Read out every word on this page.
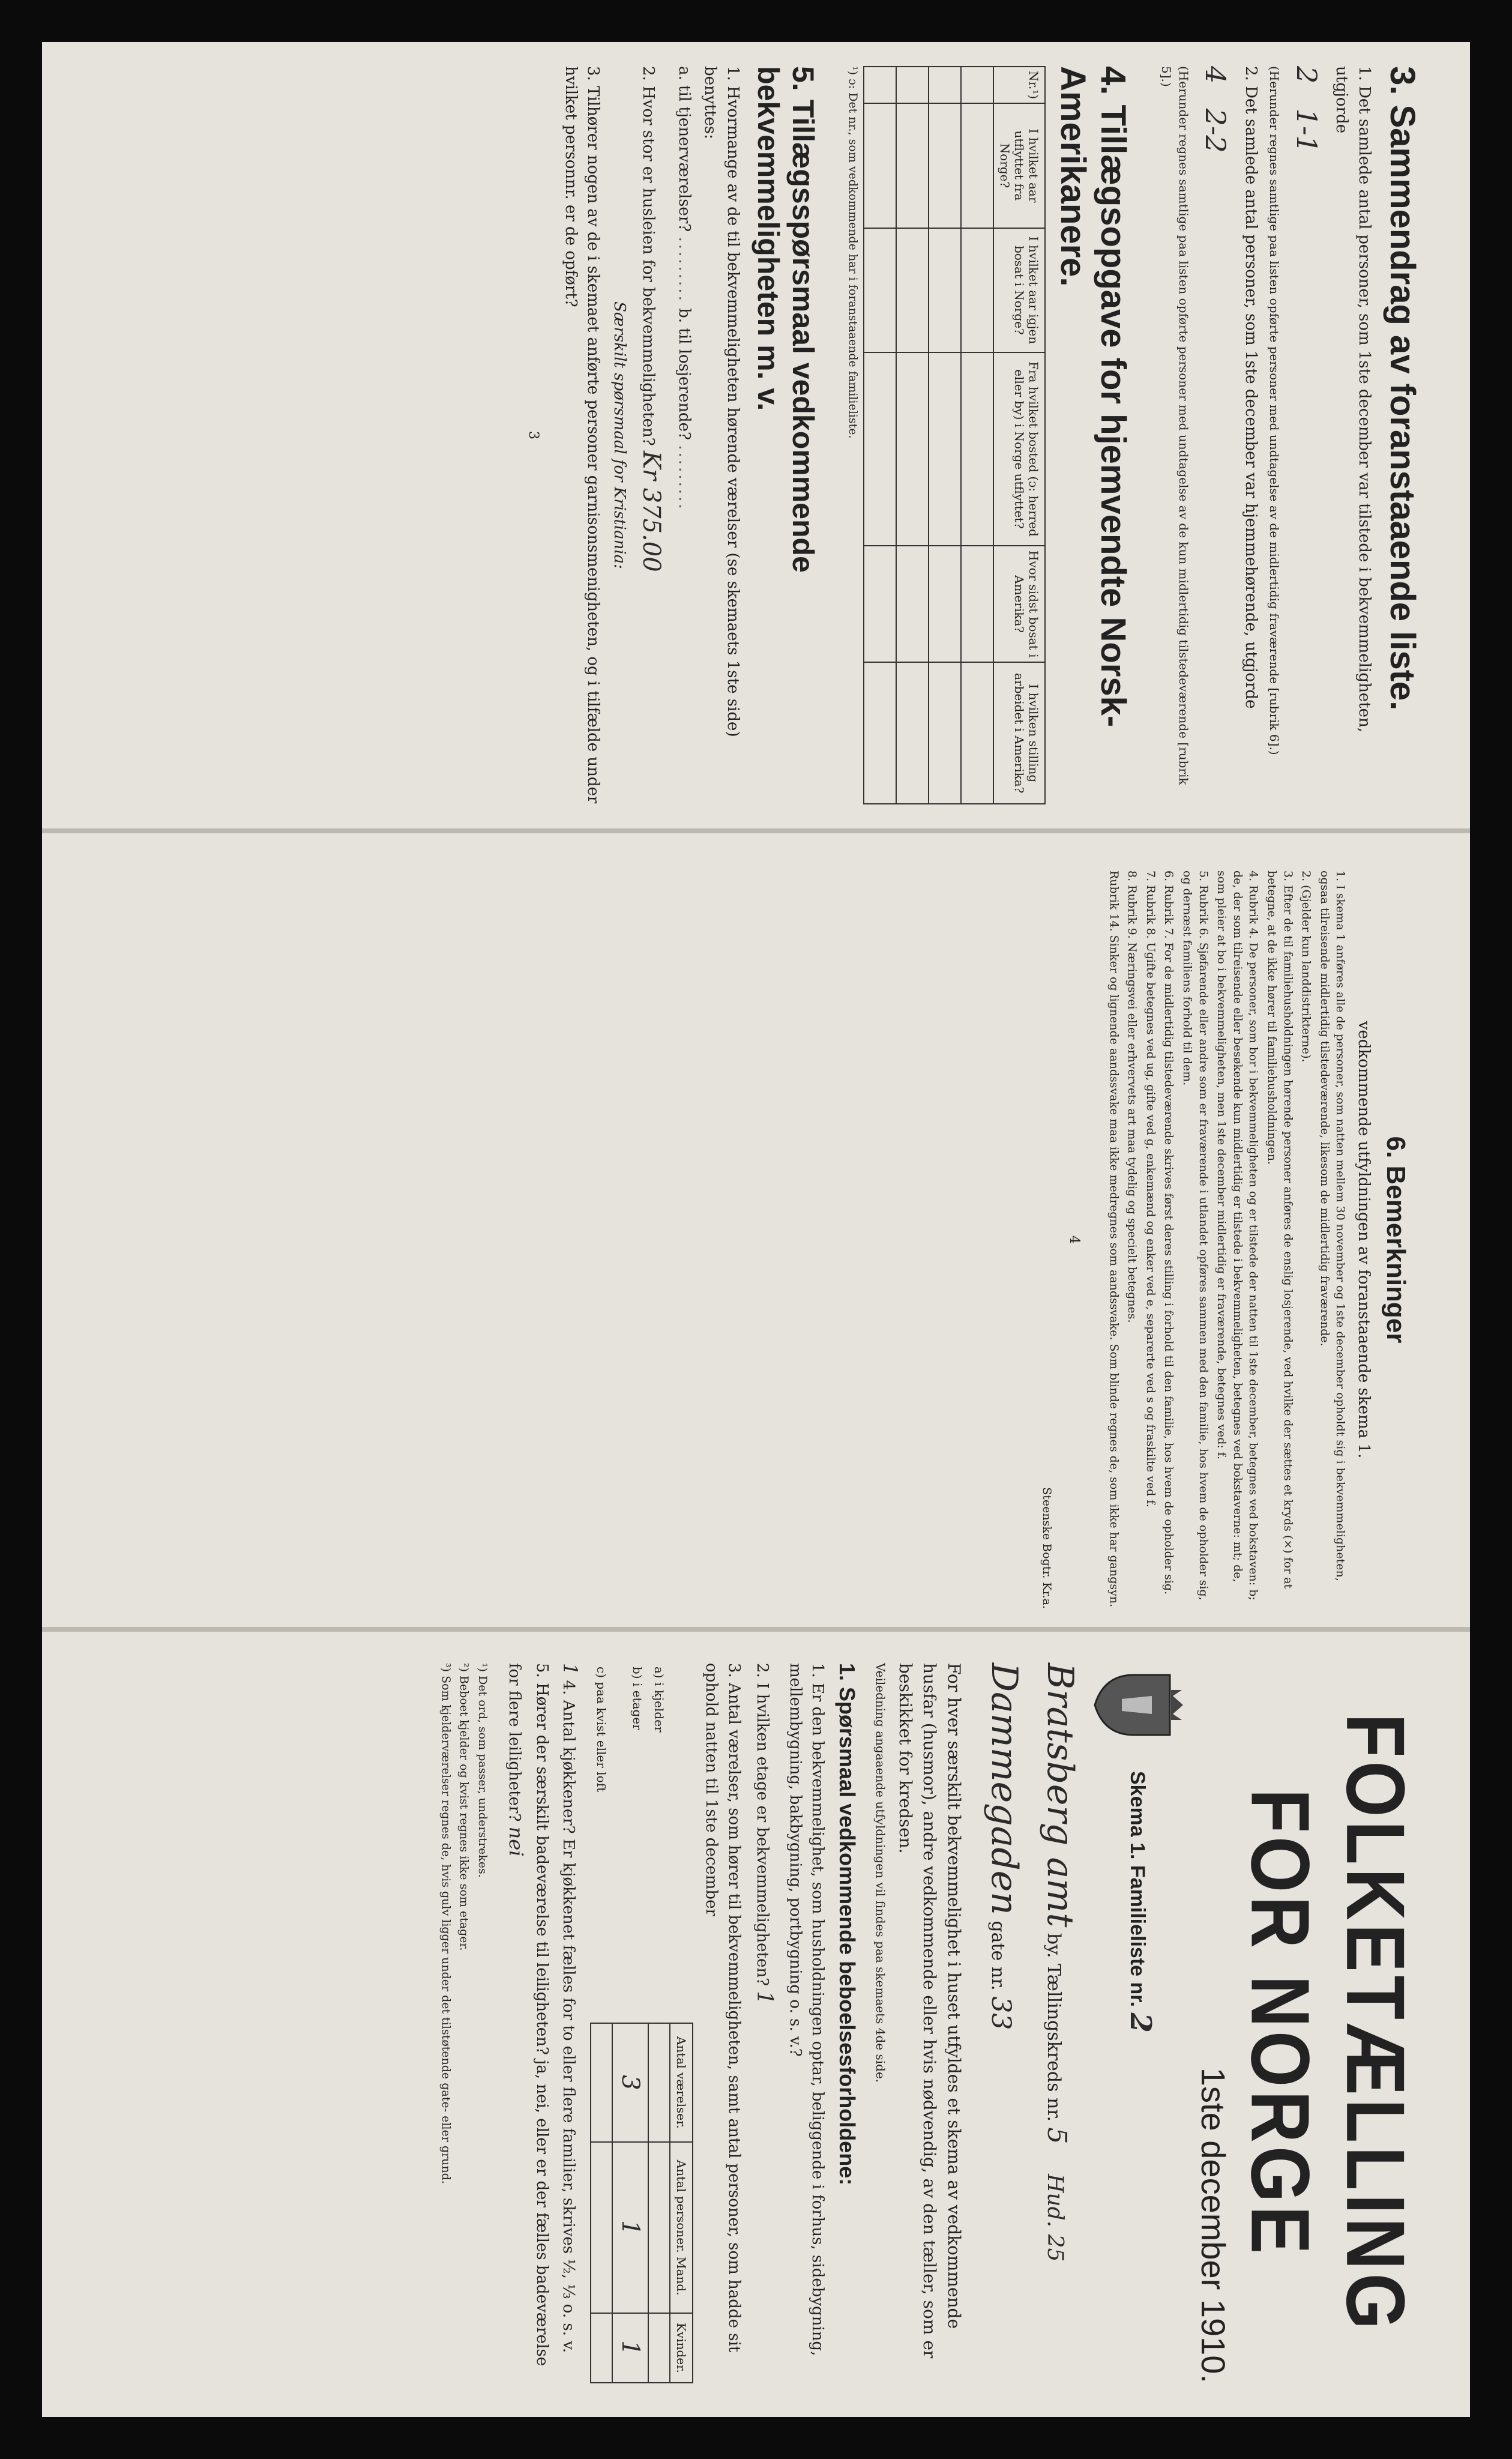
3. Sammendrag av foranstaaende liste.
1. Det samlede antal personer, som 1ste december var tilstede i bekvemmeligheten, utgjorde
2     1-1
(Herunder regnes samtlige paa listen opførte personer med undtagelse av de midlertidig fraværende [rubrik 6].)
2. Det samlede antal personer, som 1ste december var hjemmehørende, utgjorde
4     2-2
(Herunder regnes samtlige paa listen opførte personer med undtagelse av de kun midlertidig tilstedeværende [rubrik 5].)
4. Tillægsopgave for hjemvendte Norsk-Amerikanere.
Nr.¹)	I hvilket aar utflyttet fra Norge?	I hvilket aar igjen bosat i Norge?	Fra hvilket bosted (ɔ: herred eller by) i Norge utflyttet?	Hvor sidst bosat i Amerika?	I hvilken stilling arbeidet i Amerika?

¹) ɔ: Det nr., som vedkommende har i foranstaaende familieliste.
5. Tillægsspørsmaal vedkommende bekvemmeligheten m. v.
1. Hvormange av de til bekvemmeligheten hørende værelser (se skemaets 1ste side) benyttes:
a. til tjenerværelser? ......... b. til losjerende? .........
2. Hvor stor er husleien for bekvemmeligheten? Kr 375.00
Særskilt spørsmaal for Kristiania:
3. Tilhører nogen av de i skemaet anførte personer garnisonsmenigheten, og i tilfælde under hvilket personnr. er de opført?
3
6. Bemerkninger
vedkommende utfyldningen av foranstaaende skema 1.
1. I skema 1 anføres alle de personer, som natten mellem 30 november og 1ste december opholdt sig i bekvemmeligheten, ogsaa tilreisende midlertidig tilstedeværende, likesom de midlertidig fraværende.
2. (Gjelder kun landdistrikterne).
3. Efter de til familiehusholdningen hørende personer anføres de enslig losjerende, ved hvilke der sættes et kryds (×) for at betegne, at de ikke hører til familiehusholdningen.
4. Rubrik 4. De personer, som bor i bekvemmeligheten og er tilstede der natten til 1ste december, betegnes ved bokstaven: b; de, der som tilreisende eller besøkende kun midlertidig er tilstede i bekvemmeligheten, betegnes ved bokstaverne: mt; de, som pleier at bo i bekvemmeligheten, men 1ste december midlertidig er fraværende, betegnes ved: f.
5. Rubrik 6. Sjøfarende eller andre som er fraværende i utlandet opføres sammen med den familie, hos hvem de opholder sig, og dernæst familiens forhold til dem.
6. Rubrik 7. For de midlertidig tilstedeværende skrives først deres stilling i forhold til den familie, hos hvem de opholder sig.
7. Rubrik 8. Ugifte betegnes ved ug, gifte ved g, enkemænd og enker ved e, separerte ved s og fraskilte ved f.
8. Rubrik 9. Næringsvei eller erhvervets art maa tydelig og specielt betegnes.
Rubrik 14. Sinker og lignende aandssvake maa ikke medregnes som aandssvake. Som blinde regnes de, som ikke har gangsyn.
4
Steenske Bogtr. Kr.a.
FOLKETÆLLING FOR NORGE
1ste december 1910.
Skema 1. Familieliste nr. 2
Bratsberg amt by. Tællingskreds nr. 5 Hud. 25
Dammegaden gate nr. 33
For hver særskilt bekvemmelighet i huset utfyldes et skema av vedkommende husfar (husmor), andre vedkommende eller hvis nødvendig, av den tæller, som er beskikket for kredsen.
Veiledning angaaende utfyldningen vil findes paa skemaets 4de side.
1. Spørsmaal vedkommende beboelsesforholdene:
1. Er den bekvemmelighet, som husholdningen optar, beliggende i forhus, sidebygning, mellembygning, bakbygning, portbygning o. s. v.?
2. I hvilken etage er bekvemmeligheten? 1
3. Antal værelser, som hører til bekvemmeligheten, samt antal personer, som hadde sit ophold natten til 1ste december
	Antal værelser.	Antal personer. Mand.	Kvinder.
a) i kjelder			
b) i etager	3	1	1
c) paa kvist eller loft			
1 4. Antal kjøkkener? Er kjøkkenet fælles for to eller flere familier, skrives ½, ⅓ o. s. v.
5. Hører der særskilt badeværelse til leiligheten? ja, nei, eller er der fælles badeværelse for flere leiligheter? nei
¹) Det ord, som passer, understrekes.
²) Beboet kjelder og kvist regnes ikke som etager.
³) Som kjelderværelser regnes de, hvis gulv ligger under det tilstøtende gate- eller grund.
